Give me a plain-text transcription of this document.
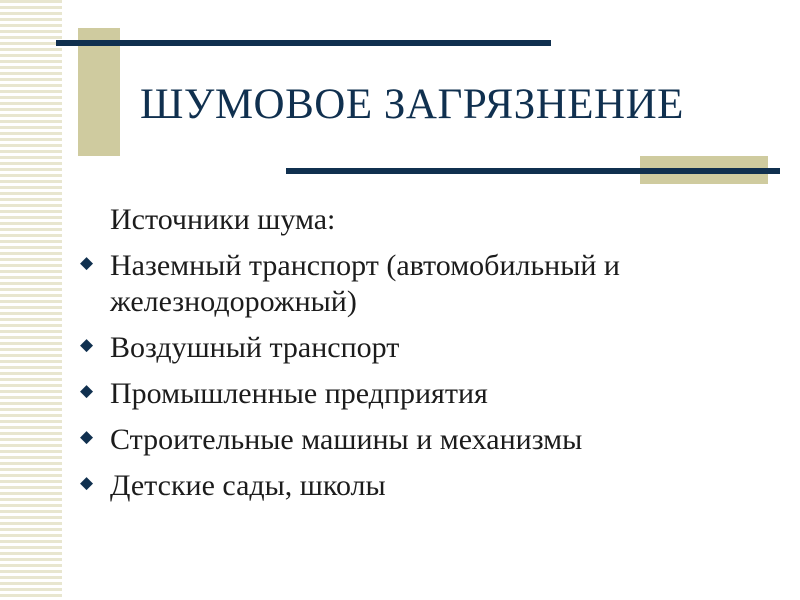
ШУМОВОЕ ЗАГРЯЗНЕНИЕ
Источники шума:
◆ Наземный транспорт (автомобильный и железнодорожный)
◆ Воздушный транспорт
◆ Промышленные предприятия
◆ Строительные машины и механизмы
◆ Детские сады, школы
